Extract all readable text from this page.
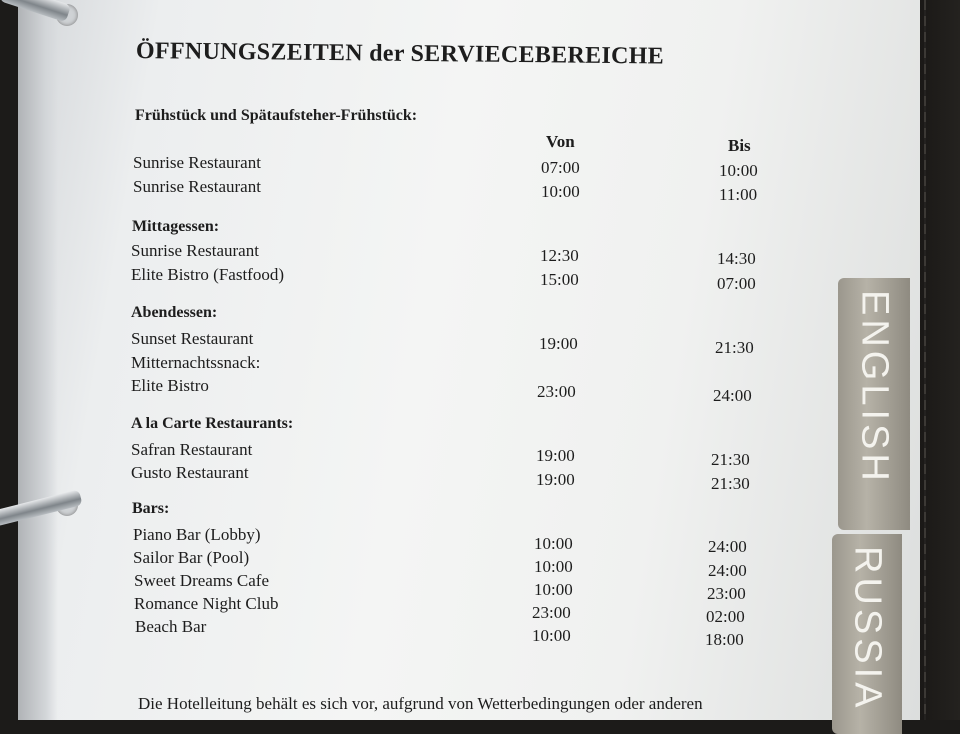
ENGLISH
RUSSIA
ÖFFNUNGSZEITEN der SERVIECEBEREICHE
Von	Bis
Frühstück und Spätaufsteher-Frühstück:
Sunrise Restaurant	07:00	10:00
Sunrise Restaurant	10:00	11:00
Mittagessen:
Sunrise Restaurant	12:30	14:30
Elite Bistro (Fastfood)	15:00	07:00
Abendessen:
Sunset Restaurant	19:00	21:30
Mitternachtssnack:
Elite Bistro	23:00	24:00
A la Carte Restaurants:
Safran Restaurant	19:00	21:30
Gusto Restaurant	19:00	21:30
Bars:
Piano Bar (Lobby)	10:00	24:00
Sailor Bar (Pool)	10:00	24:00
Sweet Dreams Cafe	10:00	23:00
Romance Night Club	23:00	02:00
Beach Bar	10:00	18:00
Die Hotelleitung behält es sich vor, aufgrund von Wetterbedingungen oder anderen
